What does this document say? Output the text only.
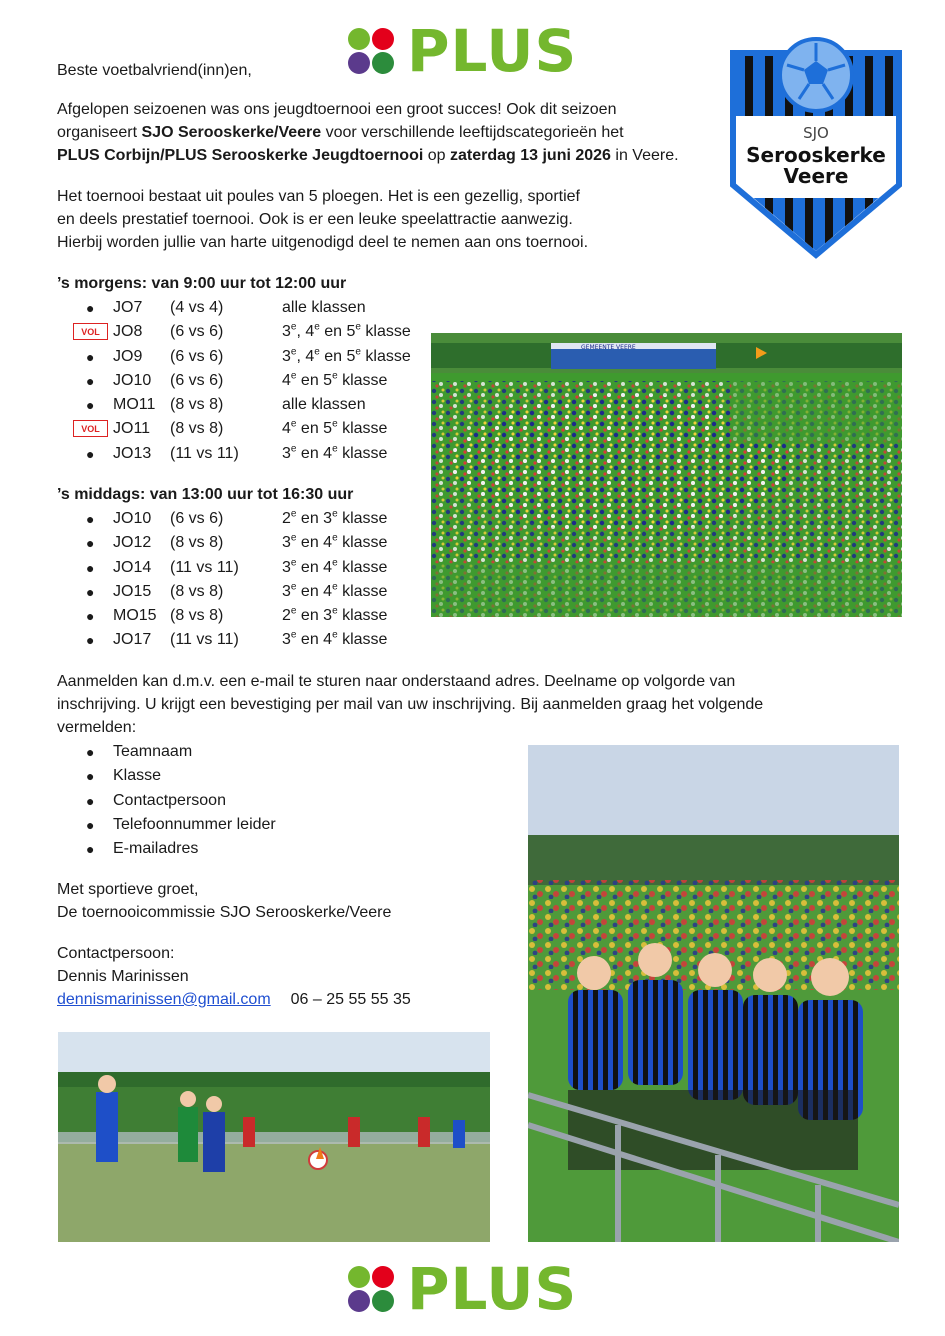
PLUS
SJO
Serooskerke
Veere

Beste voetbalvriend(inn)en,

Afgelopen seizoenen was ons jeugdtoernooi een groot succes! Ook dit seizoen

organiseert SJO Serooskerke/Veere voor verschillende leeftijdscategorieën het

PLUS Corbijn/PLUS Serooskerke Jeugdtoernooi op zaterdag 13 juni 2026 in Veere.

Het toernooi bestaat uit poules van 5 ploegen. Het is een gezellig, sportief

en deels prestatief toernooi. Ook is er een leuke speelattractie aanwezig.

Hierbij worden jullie van harte uitgenodigd deel te nemen aan ons toernooi.

’s morgens: van 9:00 uur tot 12:00 uur
● JO7 (4 vs 4)	alle klassen
VOL JO8 (6 vs 6)	3e, 4e en 5e klasse
● JO9 (6 vs 6)	3e, 4e en 5e klasse
● JO10 (6 vs 6)	4e en 5e klasse
● MO11 (8 vs 8)	alle klassen
VOL JO11 (8 vs 8)	4e en 5e klasse
● JO13 (11 vs 11)	3e en 4e klasse
’s middags: van 13:00 uur tot 16:30 uur
● JO10 (6 vs 6)	2e en 3e klasse
● JO12 (8 vs 8)	3e en 4e klasse
● JO14 (11 vs 11)	3e en 4e klasse
● JO15 (8 vs 8)	3e en 4e klasse
● MO15 (8 vs 8)	2e en 3e klasse
● JO17 (11 vs 11)	3e en 4e klasse
GEMEENTE VEERE

Aanmelden kan d.m.v. een e-mail te sturen naar onderstaand adres. Deelname op volgorde van

inschrijving. U krijgt een bevestiging per mail van uw inschrijving. Bij aanmelden graag het volgende

vermelden:

● Teamnaam
● Klasse
● Contactpersoon
● Telefoonnummer leider
● E-mailadres

Met sportieve groet,

De toernooicommissie SJO Serooskerke/Veere

Contactpersoon:

Dennis Marinissen

dennismarinissen@gmail.com 06 – 25 55 55 35

PLUS
